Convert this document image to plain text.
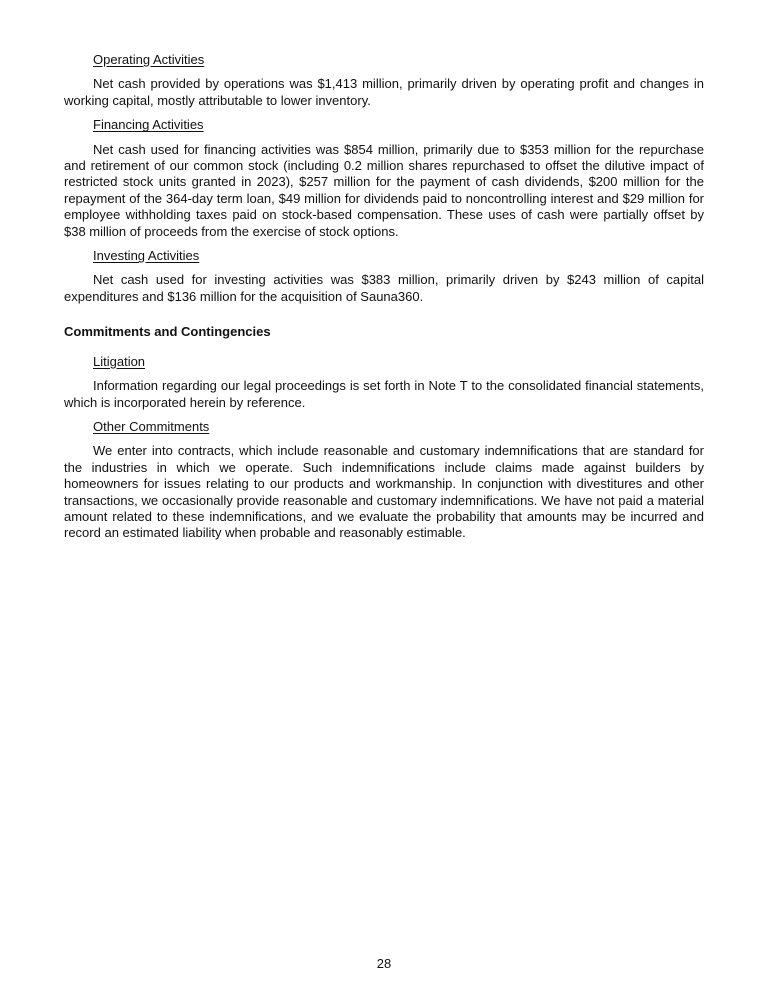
Operating Activities

Net cash provided by operations was $1,413 million, primarily driven by operating profit and changes in working capital, mostly attributable to lower inventory.

Financing Activities

Net cash used for financing activities was $854 million, primarily due to $353 million for the repurchase and retirement of our common stock (including 0.2 million shares repurchased to offset the dilutive impact of restricted stock units granted in 2023), $257 million for the payment of cash dividends, $200 million for the repayment of the 364-day term loan, $49 million for dividends paid to noncontrolling interest and $29 million for employee withholding taxes paid on stock-based compensation. These uses of cash were partially offset by $38 million of proceeds from the exercise of stock options.

Investing Activities

Net cash used for investing activities was $383 million, primarily driven by $243 million of capital expenditures and $136 million for the acquisition of Sauna360.

Commitments and Contingencies
Litigation

Information regarding our legal proceedings is set forth in Note T to the consolidated financial statements, which is incorporated herein by reference.

Other Commitments

We enter into contracts, which include reasonable and customary indemnifications that are standard for the industries in which we operate. Such indemnifications include claims made against builders by homeowners for issues relating to our products and workmanship. In conjunction with divestitures and other transactions, we occasionally provide reasonable and customary indemnifications. We have not paid a material amount related to these indemnifications, and we evaluate the probability that amounts may be incurred and record an estimated liability when probable and reasonably estimable.

28
